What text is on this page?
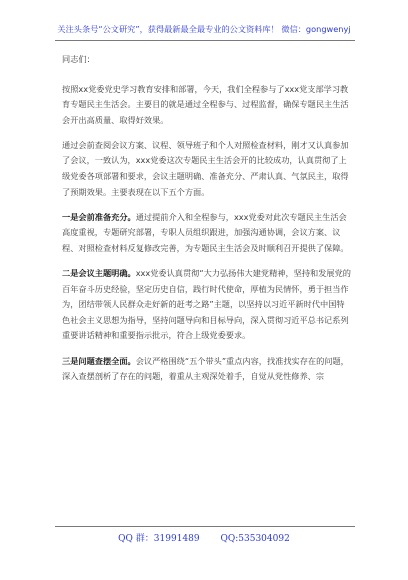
关注头条号“公文研究”，获得最新最全最专业的公文资料库！ 微信：gongwenyj

同志们：

按照xx党委党史学习教育安排和部署，今天，我们全程参与了xxx党支部学习教育专题民主生活会。主要目的就是通过全程参与、过程监督，确保专题民主生活会开出高质量、取得好效果。

通过会前查阅会议方案、议程、领导班子和个人对照检查材料，刚才又认真参加了会议，一致认为，xxx党委这次专题民主生活会开的比较成功，认真贯彻了上级党委各项部署和要求，会议主题明确、准备充分、严肃认真、气氛民主，取得了预期效果。主要表现在以下五个方面。

一是会前准备充分。通过提前介入和全程参与，xxx党委对此次专题民主生活会高度重视，专题研究部署，专职人员组织跟进，加强沟通协调，会议方案、议程、对照检查材料反复修改完善，为专题民主生活会及时顺利召开提供了保障。

二是会议主题明确。xxx党委认真贯彻“大力弘扬伟大建党精神，坚持和发展党的百年奋斗历史经验，坚定历史自信，践行时代使命，厚植为民情怀，勇于担当作为，团结带领人民群众走好新的赶考之路”主题，以坚持以习近平新时代中国特色社会主义思想为指导，坚持问题导向和目标导向，深入贯彻习近平总书记系列重要讲话精神和重要指示批示，符合上级党委要求。

三是问题查摆全面。会议严格围绕“五个带头”重点内容，找准找实存在的问题，深入查摆剖析了存在的问题，着重从主观深处着手，自觉从党性修养、宗

QQ 群：31991489 QQ:535304092
